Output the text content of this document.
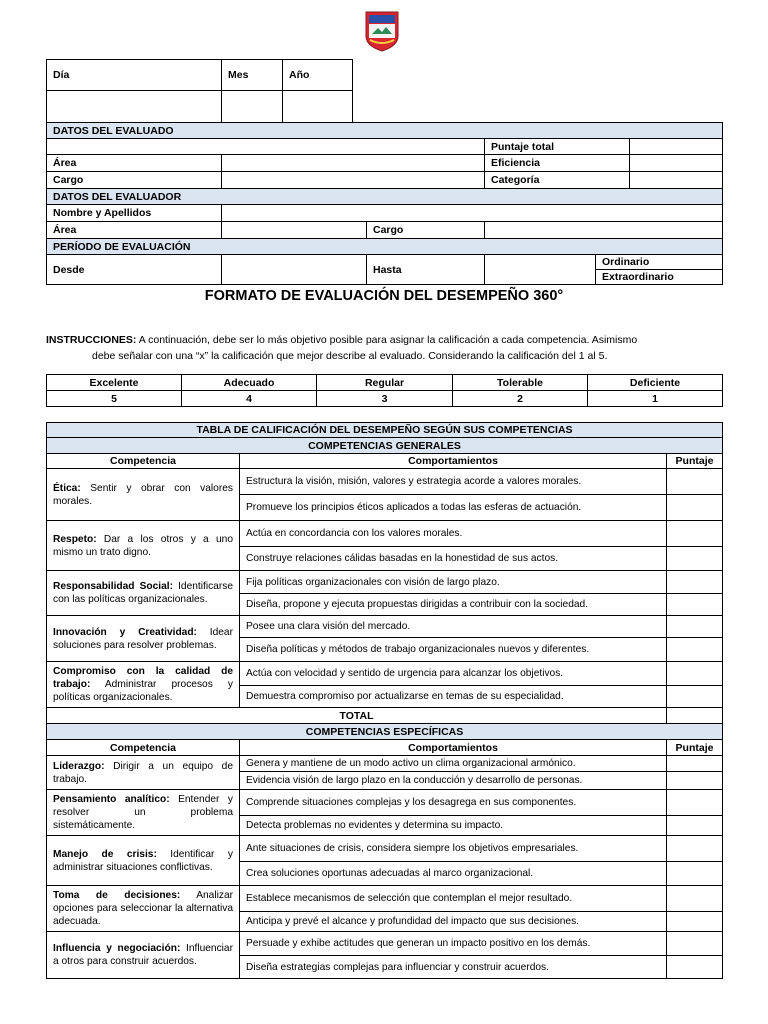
Día	Mes	Año

DATOS DEL EVALUADO					
			Puntaje total		
Área			Eficiencia		
Cargo			Categoría		
DATOS DEL EVALUADOR					
Nombre y Apellidos					
Área		Cargo			
PERÍODO DE EVALUACIÓN					
Desde		Hasta		Ordinario	
				Extraordinario	
FORMATO DE EVALUACIÓN DEL DESEMPEÑO 360°
INSTRUCCIONES: A continuación, debe ser lo más objetivo posible para asignar la calificación a cada competencia. Asimismo
debe señalar con una “x” la calificación que mejor describe al evaluado. Considerando la calificación del 1 al 5.
Excelente	Adecuado	Regular	Tolerable	Deficiente
5	4	3	2	1
TABLA DE CALIFICACIÓN DEL DESEMPEÑO SEGÚN SUS COMPETENCIAS		
COMPETENCIAS GENERALES		
Competencia	Comportamientos	Puntaje
Ética: Sentir y obrar con valores morales.	Estructura la visión, misión, valores y estrategia acorde a valores morales.	
	Promueve los principios éticos aplicados a todas las esferas de actuación.	
Respeto: Dar a los otros y a uno mismo un trato digno.	Actúa en concordancia con los valores morales.	
	Construye relaciones cálidas basadas en la honestidad de sus actos.	
Responsabilidad Social: Identificarse con las políticas organizacionales.	Fija políticas organizacionales con visión de largo plazo.	
	Diseña, propone y ejecuta propuestas dirigidas a contribuir con la sociedad.	
Innovación y Creatividad: Idear soluciones para resolver problemas.	Posee una clara visión del mercado.	
	Diseña políticas y métodos de trabajo organizacionales nuevos y diferentes.	
Compromiso con la calidad de trabajo: Administrar procesos y políticas organizacionales.	Actúa con velocidad y sentido de urgencia para alcanzar los objetivos.	
	Demuestra compromiso por actualizarse en temas de su especialidad.	
TOTAL		
COMPETENCIAS ESPECÍFICAS		
Competencia	Comportamientos	Puntaje
Liderazgo: Dirigir a un equipo de trabajo.	Genera y mantiene de un modo activo un clima organizacional armónico.	
	Evidencia visión de largo plazo en la conducción y desarrollo de personas.	
Pensamiento analítico: Entender y resolver un problema sistemáticamente.	Comprende situaciones complejas y los desagrega en sus componentes.	
	Detecta problemas no evidentes y determina su impacto.	
Manejo de crisis: Identificar y administrar situaciones conflictivas.	Ante situaciones de crisis, considera siempre los objetivos empresariales.	
	Crea soluciones oportunas adecuadas al marco organizacional.	
Toma de decisiones: Analizar opciones para seleccionar la alternativa adecuada.	Establece mecanismos de selección que contemplan el mejor resultado.	
	Anticipa y prevé el alcance y profundidad del impacto que sus decisiones.	
Influencia y negociación: Influenciar a otros para construir acuerdos.	Persuade y exhibe actitudes que generan un impacto positivo en los demás.	
	Diseña estrategias complejas para influenciar y construir acuerdos.	
